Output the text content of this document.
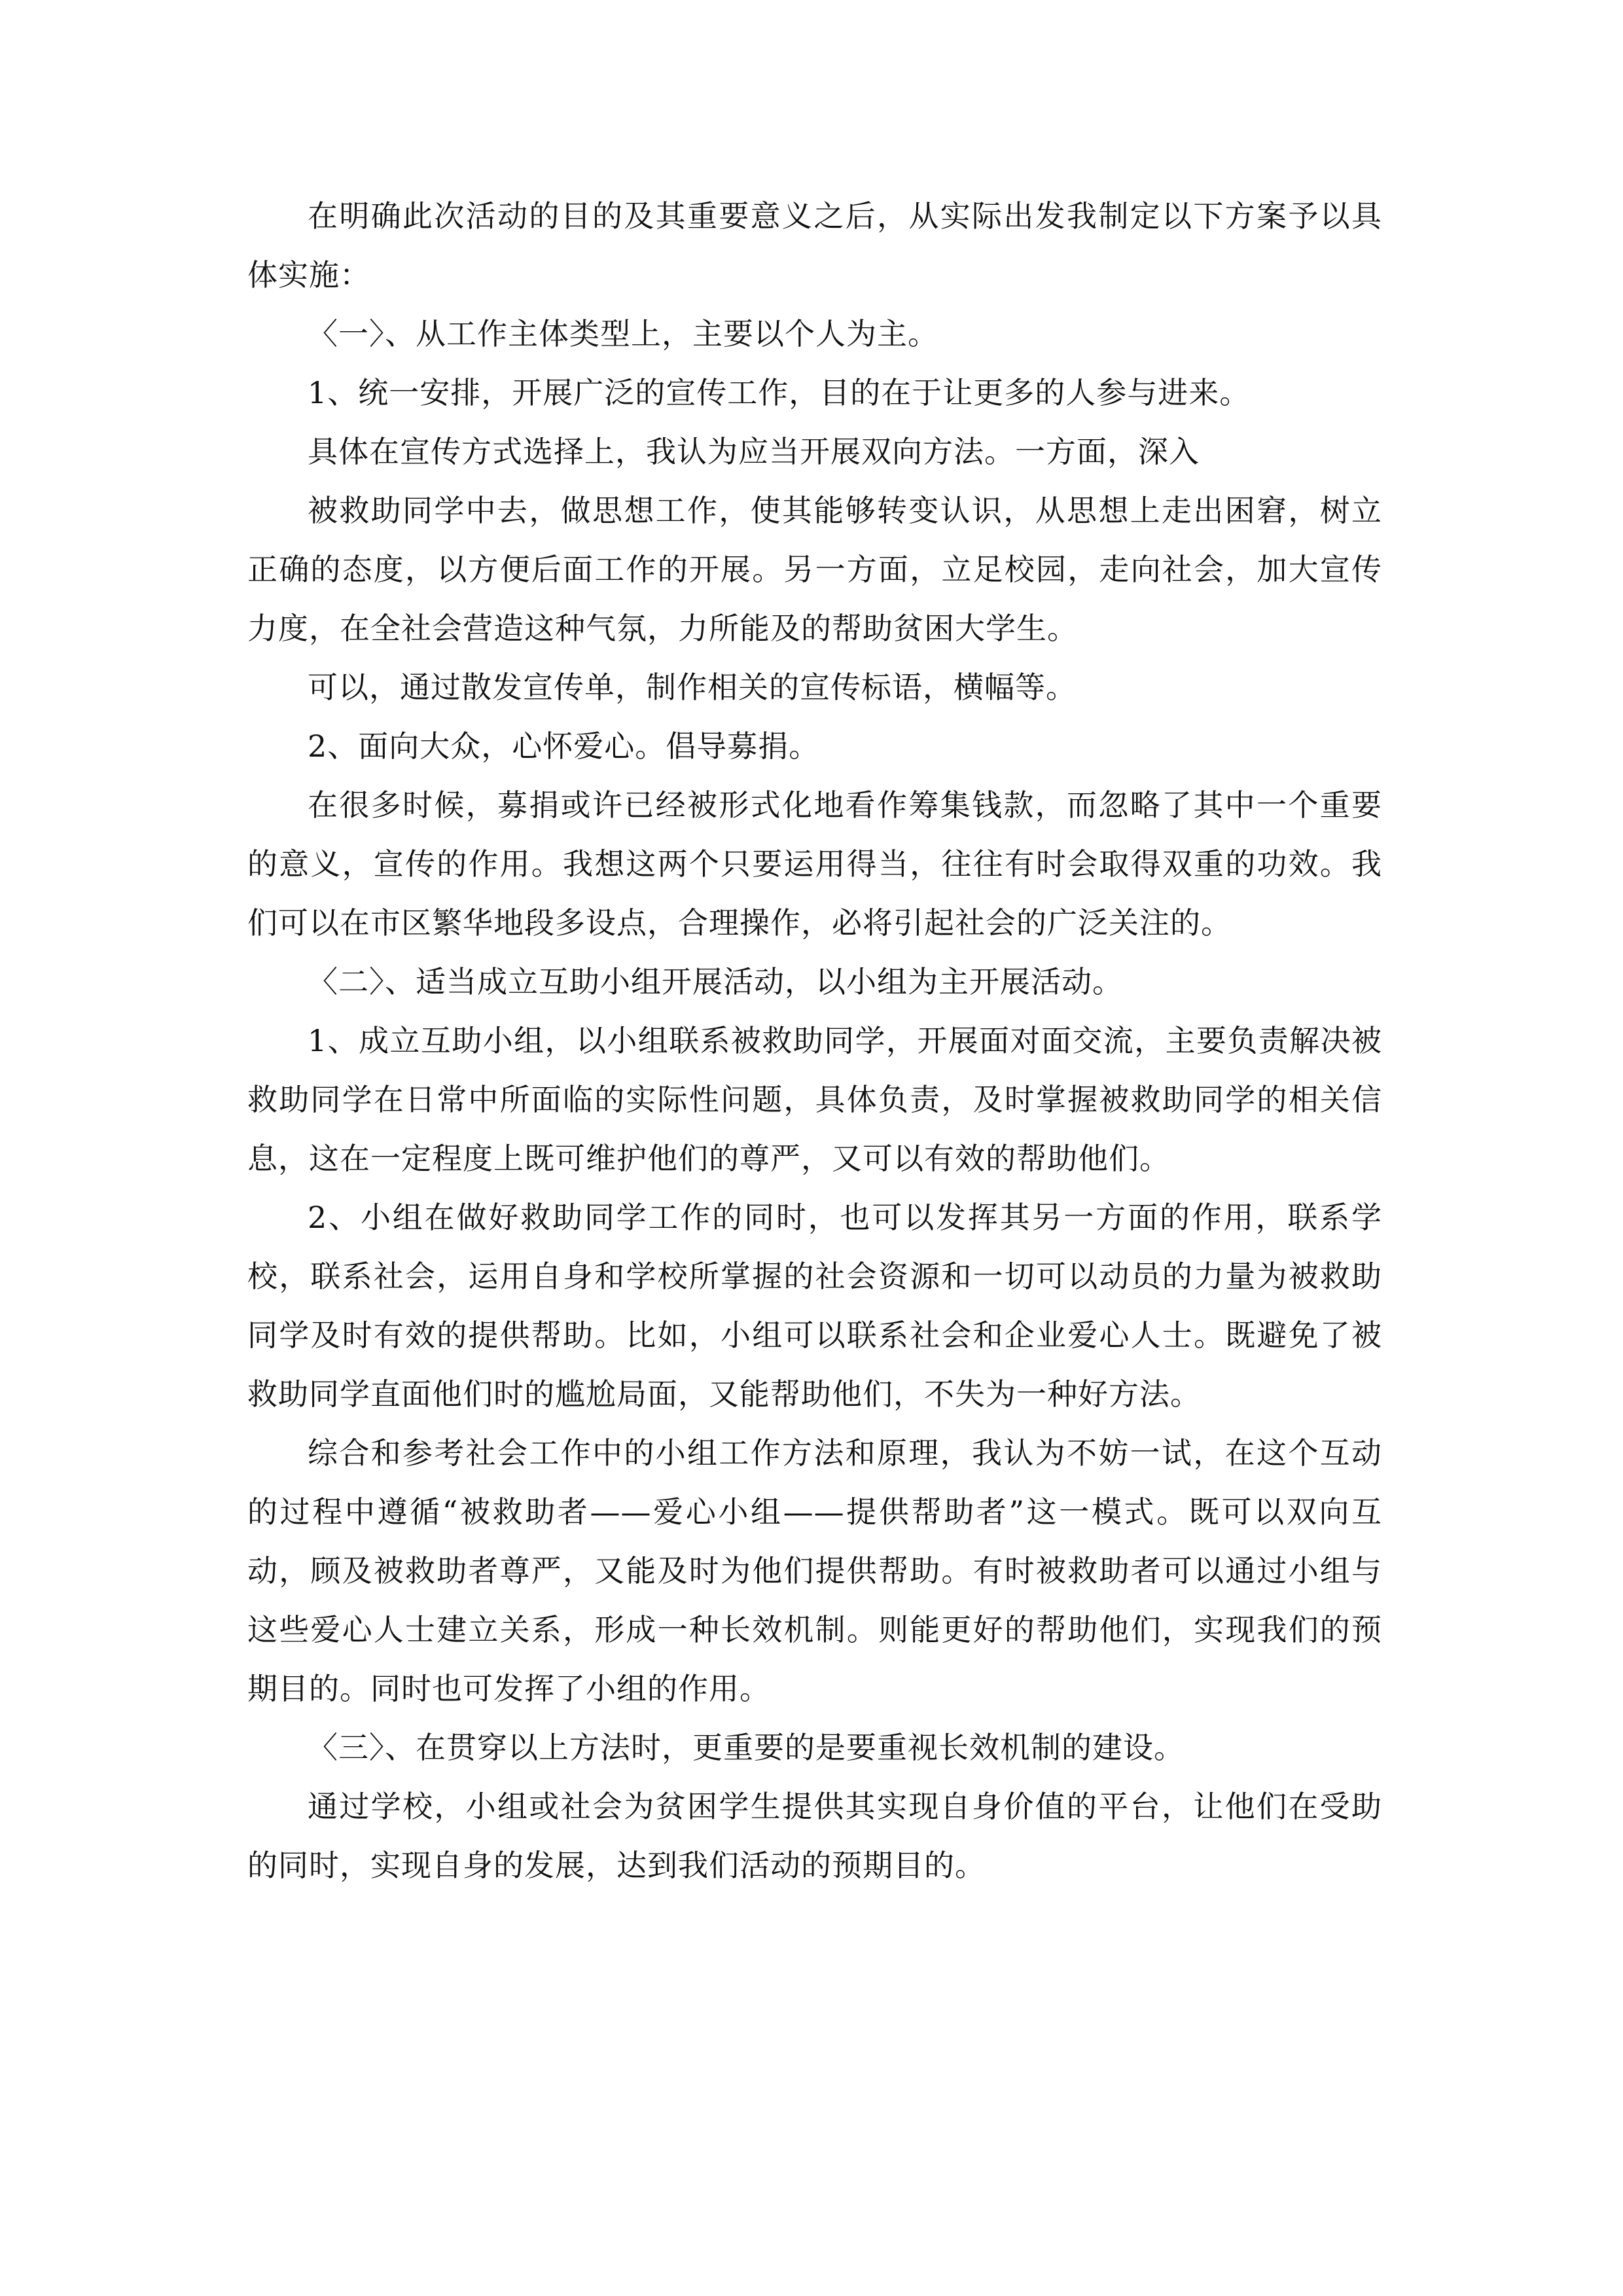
在明确此次活动的目的及其重要意义之后，从实际出发我制定以下方案予以具体实施：

〈一〉、从工作主体类型上，主要以个人为主。

1、统一安排，开展广泛的宣传工作，目的在于让更多的人参与进来。

具体在宣传方式选择上，我认为应当开展双向方法。一方面，深入

被救助同学中去，做思想工作，使其能够转变认识，从思想上走出困窘，树立正确的态度，以方便后面工作的开展。另一方面，立足校园，走向社会，加大宣传力度，在全社会营造这种气氛，力所能及的帮助贫困大学生。

可以，通过散发宣传单，制作相关的宣传标语，横幅等。

2、面向大众，心怀爱心。倡导募捐。

在很多时候，募捐或许已经被形式化地看作筹集钱款，而忽略了其中一个重要的意义，宣传的作用。我想这两个只要运用得当，往往有时会取得双重的功效。我们可以在市区繁华地段多设点，合理操作，必将引起社会的广泛关注的。

〈二〉、适当成立互助小组开展活动，以小组为主开展活动。

1、成立互助小组，以小组联系被救助同学，开展面对面交流，主要负责解决被救助同学在日常中所面临的实际性问题，具体负责，及时掌握被救助同学的相关信息，这在一定程度上既可维护他们的尊严，又可以有效的帮助他们。

2、小组在做好救助同学工作的同时，也可以发挥其另一方面的作用，联系学校，联系社会，运用自身和学校所掌握的社会资源和一切可以动员的力量为被救助同学及时有效的提供帮助。比如，小组可以联系社会和企业爱心人士。既避免了被救助同学直面他们时的尴尬局面，又能帮助他们，不失为一种好方法。

综合和参考社会工作中的小组工作方法和原理，我认为不妨一试，在这个互动的过程中遵循“被救助者——爱心小组——提供帮助者”这一模式。既可以双向互动，顾及被救助者尊严，又能及时为他们提供帮助。有时被救助者可以通过小组与这些爱心人士建立关系，形成一种长效机制。则能更好的帮助他们，实现我们的预期目的。同时也可发挥了小组的作用。

〈三〉、在贯穿以上方法时，更重要的是要重视长效机制的建设。

通过学校，小组或社会为贫困学生提供其实现自身价值的平台，让他们在受助的同时，实现自身的发展，达到我们活动的预期目的。
